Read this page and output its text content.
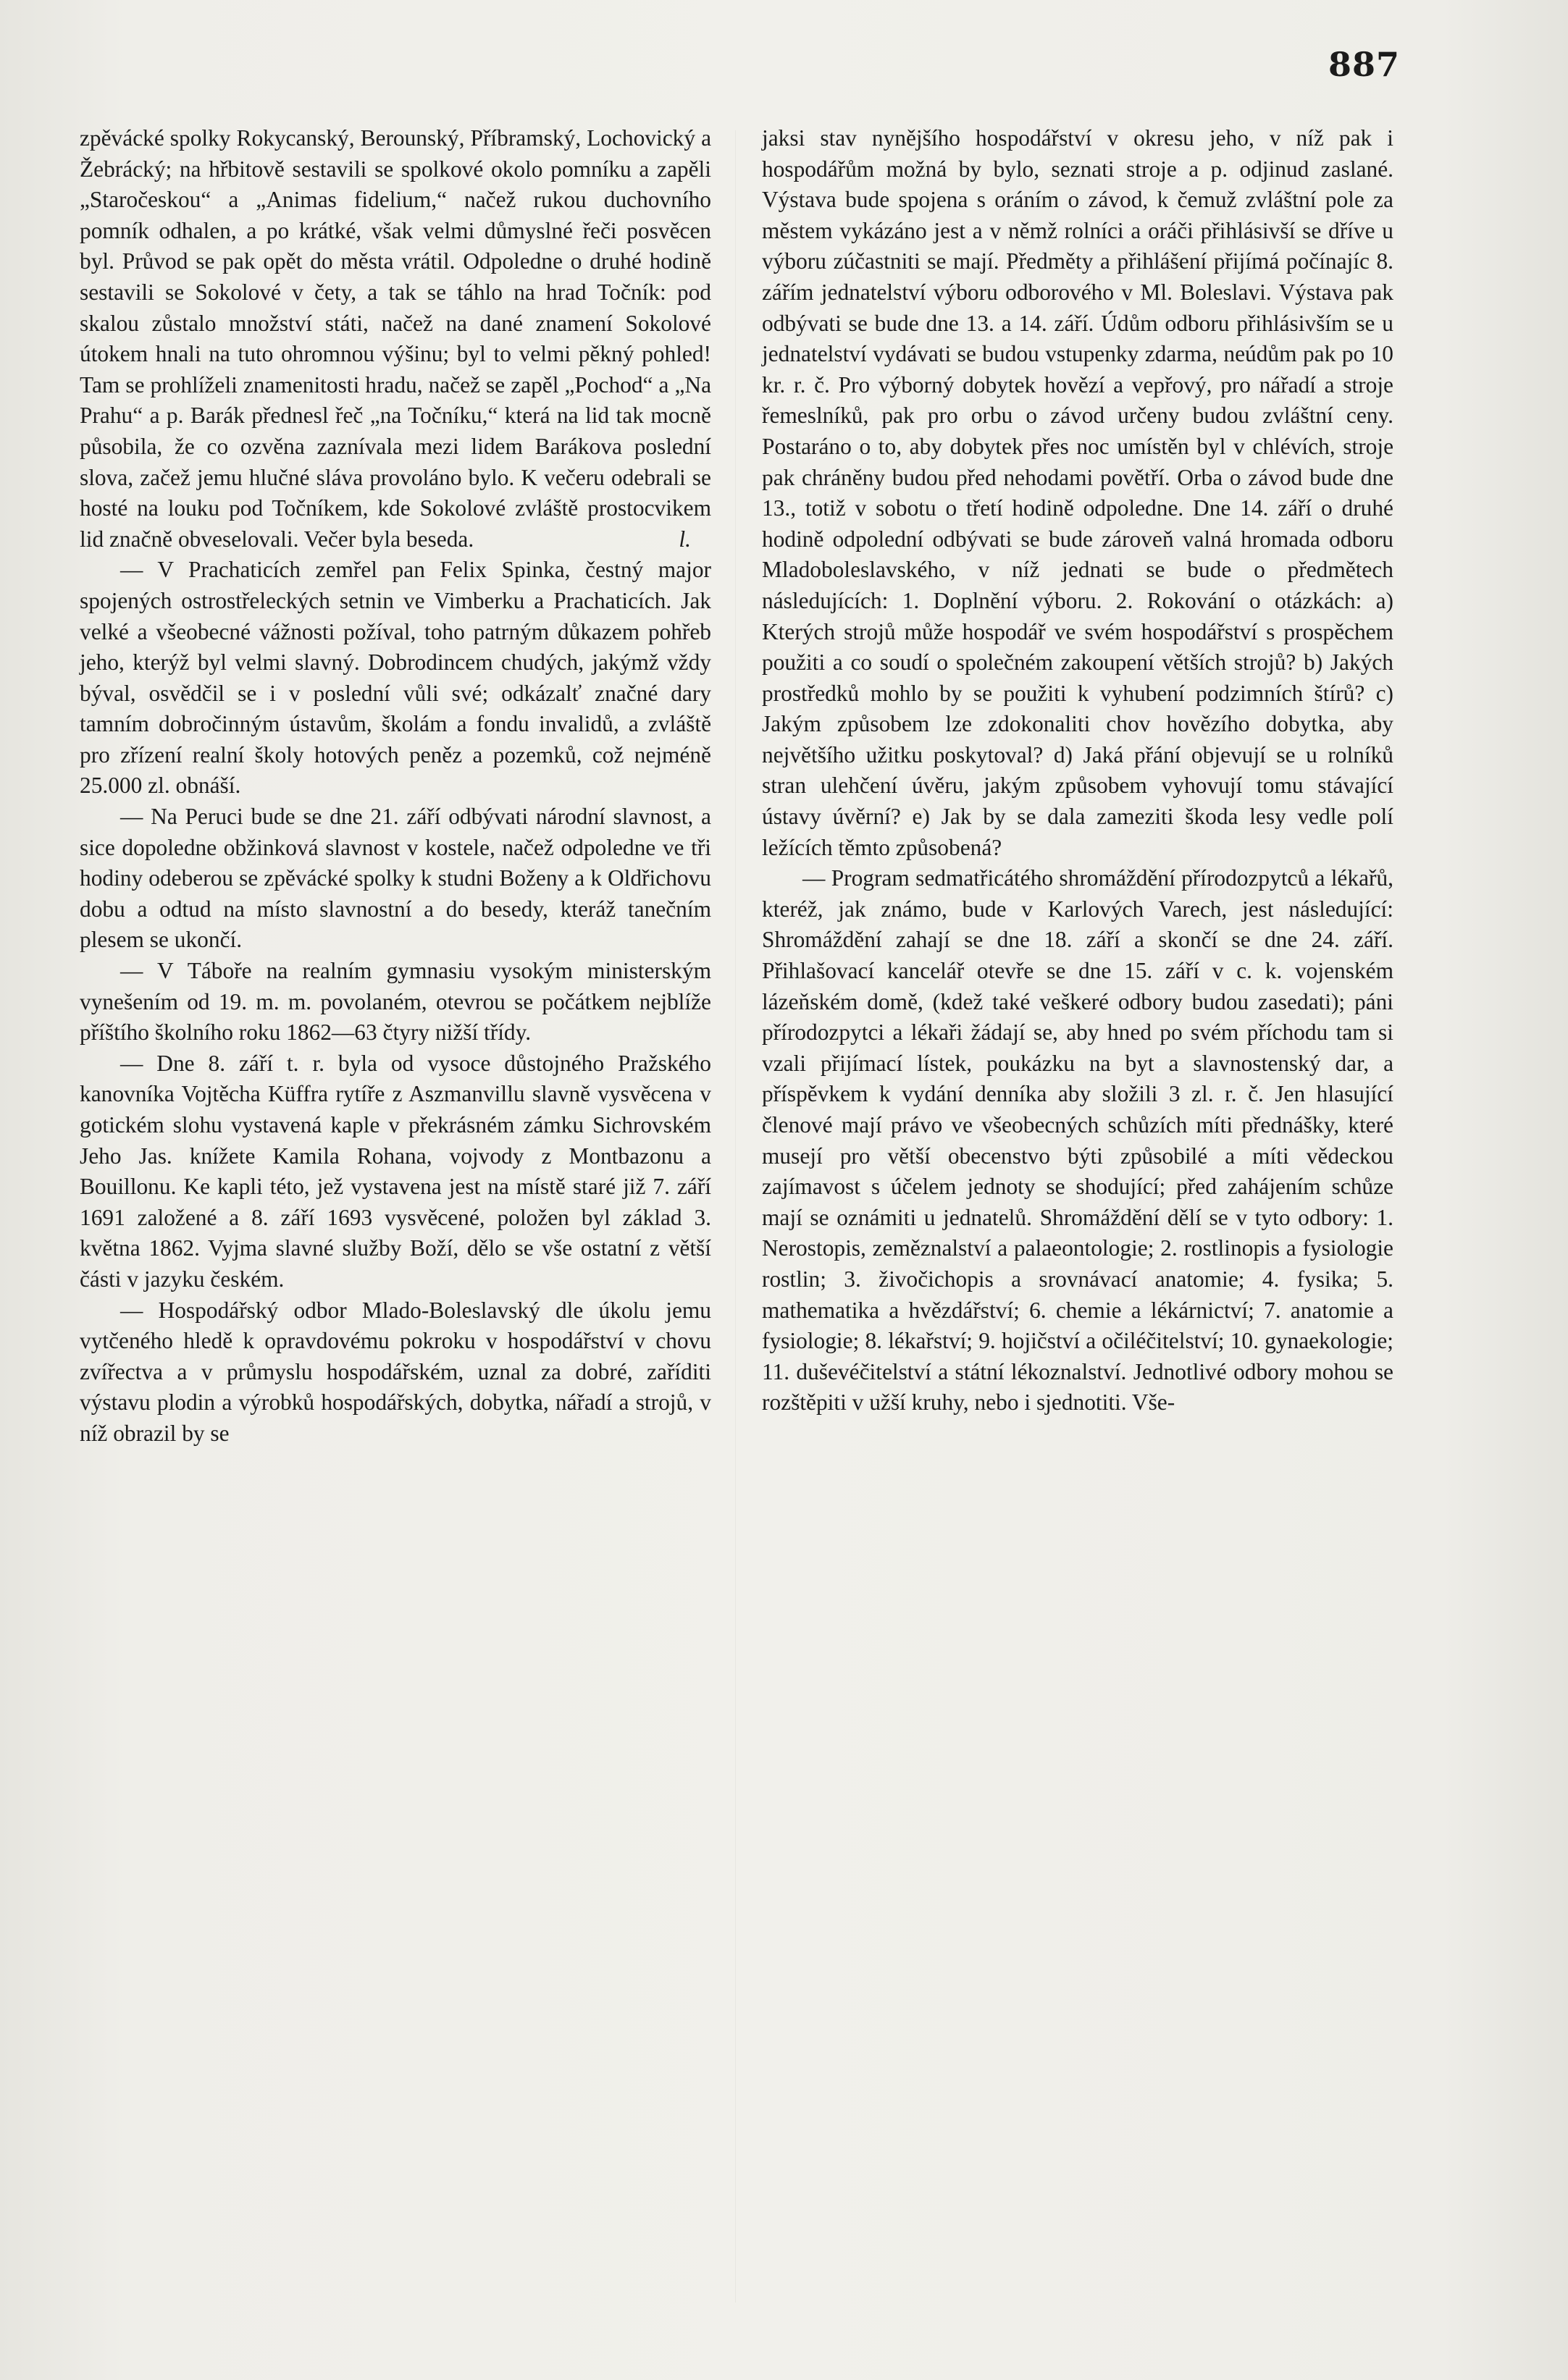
887

zpěvácké spolky Rokycanský, Berounský, Příbramský, Lochovický a Žebrácký; na hřbitově sestavili se spolkové okolo pomníku a zapěli „Staročeskou“ a „Animas fidelium,“ načež rukou duchovního pomník odhalen, a po krátké, však velmi důmyslné řeči posvěcen byl. Průvod se pak opět do města vrátil. Odpoledne o druhé hodině sestavili se Sokolové v čety, a tak se táhlo na hrad Točník: pod skalou zůstalo množství státi, načež na dané znamení Sokolové útokem hnali na tuto ohromnou výšinu; byl to velmi pěkný pohled! Tam se prohlíželi znamenitosti hradu, načež se zapěl „Pochod“ a „Na Prahu“ a p. Barák přednesl řeč „na Točníku,“ která na lid tak mocně působila, že co ozvěna zaznívala mezi lidem Barákova poslední slova, začež jemu hlučné sláva provoláno bylo. K večeru odebrali se hosté na louku pod Točníkem, kde Sokolové zvláště prostocvikem lid značně obveselovali. Večer byla beseda.	l.

— V Prachaticích zemřel pan Felix Spinka, čestný major spojených ostrostřeleckých setnin ve Vimberku a Prachaticích. Jak velké a všeobecné vážnosti požíval, toho patrným důkazem pohřeb jeho, kterýž byl velmi slavný. Dobrodincem chudých, jakýmž vždy býval, osvědčil se i v poslední vůli své; odkázalť značné dary tamním dobročinným ústavům, školám a fondu invalidů, a zvláště pro zřízení realní školy hotových peněz a pozemků, což nejméně 25.000 zl. obnáší.

— Na Peruci bude se dne 21. září odbývati národní slavnost, a sice dopoledne obžinková slavnost v kostele, načež odpoledne ve tři hodiny odeberou se zpěvácké spolky k studni Boženy a k Oldřichovu dobu a odtud na místo slavnostní a do besedy, kteráž tanečním plesem se ukončí.

— V Táboře na realním gymnasiu vysokým ministerským vynešením od 19. m. m. povolaném, otevrou se počátkem nejblíže příštího školního roku 1862—63 čtyry nižší třídy.

— Dne 8. září t. r. byla od vysoce důstojného Pražského kanovníka Vojtěcha Küffra rytíře z Aszmanvillu slavně vysvěcena v gotickém slohu vystavená kaple v překrásném zámku Sichrovském Jeho Jas. knížete Kamila Rohana, vojvody z Montbazonu a Bouillonu. Ke kapli této, jež vystavena jest na místě staré již 7. září 1691 založené a 8. září 1693 vysvěcené, položen byl základ 3. května 1862. Vyjma slavné služby Boží, dělo se vše ostatní z větší části v jazyku českém.

— Hospodářský odbor Mlado-Boleslavský dle úkolu jemu vytčeného hledě k opravdovému pokroku v hospodářství v chovu zvířectva a v průmyslu hospodářském, uznal za dobré, zaříditi výstavu plodin a výrobků hospodářských, dobytka, nářadí a strojů, v níž obrazil by se

jaksi stav nynějšího hospodářství v okresu jeho, v níž pak i hospodářům možná by bylo, seznati stroje a p. odjinud zaslané. Výstava bude spojena s oráním o závod, k čemuž zvláštní pole za městem vykázáno jest a v němž rolníci a oráči přihlásivší se dříve u výboru zúčastniti se mají. Předměty a přihlášení přijímá počínajíc 8. zářím jednatelství výboru odborového v Ml. Boleslavi. Výstava pak odbývati se bude dne 13. a 14. září. Údům odboru přihlásivším se u jednatelství vydávati se budou vstupenky zdarma, neúdům pak po 10 kr. r. č. Pro výborný dobytek hovězí a vepřový, pro nářadí a stroje řemeslníků, pak pro orbu o závod určeny budou zvláštní ceny. Postaráno o to, aby dobytek přes noc umístěn byl v chlévích, stroje pak chráněny budou před nehodami povětří. Orba o závod bude dne 13., totiž v sobotu o třetí hodině odpoledne. Dne 14. září o druhé hodině odpolední odbývati se bude zároveň valná hromada odboru Mladoboleslavského, v níž jednati se bude o předmětech následujících: 1. Doplnění výboru. 2. Rokování o otázkách: a) Kterých strojů může hospodář ve svém hospodářství s prospěchem použiti a co soudí o společném zakoupení větších strojů? b) Jakých prostředků mohlo by se použiti k vyhubení podzimních štírů? c) Jakým způsobem lze zdokonaliti chov hovězího dobytka, aby největšího užitku poskytoval? d) Jaká přání objevují se u rolníků stran ulehčení úvěru, jakým způsobem vyhovují tomu stávající ústavy úvěrní? e) Jak by se dala zameziti škoda lesy vedle polí ležících těmto způsobená?

— Program sedmatřicátého shromáždění přírodozpytců a lékařů, kteréž, jak známo, bude v Karlových Varech, jest následující: Shromáždění zahají se dne 18. září a skončí se dne 24. září. Přihlašovací kancelář otevře se dne 15. září v c. k. vojenském lázeňském domě, (kdež také veškeré odbory budou zasedati); páni přírodozpytci a lékaři žádají se, aby hned po svém příchodu tam si vzali přijímací lístek, poukázku na byt a slavnostenský dar, a příspěvkem k vydání denníka aby složili 3 zl. r. č. Jen hlasující členové mají právo ve všeobecných schůzích míti přednášky, které musejí pro větší obecenstvo býti způsobilé a míti vědeckou zajímavost s účelem jednoty se shodující; před zahájením schůze mají se oznámiti u jednatelů. Shromáždění dělí se v tyto odbory: 1. Nerostopis, zeměznalství a palaeontologie; 2. rostlinopis a fysiologie rostlin; 3. živočichopis a srovnávací anatomie; 4. fysika; 5. mathematika a hvězdářství; 6. chemie a lékárnictví; 7. anatomie a fysiologie; 8. lékařství; 9. hojičství a očiléčitelství; 10. gynaekologie; 11. duševéčitelství a státní lékoznalství. Jednotlivé odbory mohou se rozštěpiti v užší kruhy, nebo i sjednotiti. Vše-
